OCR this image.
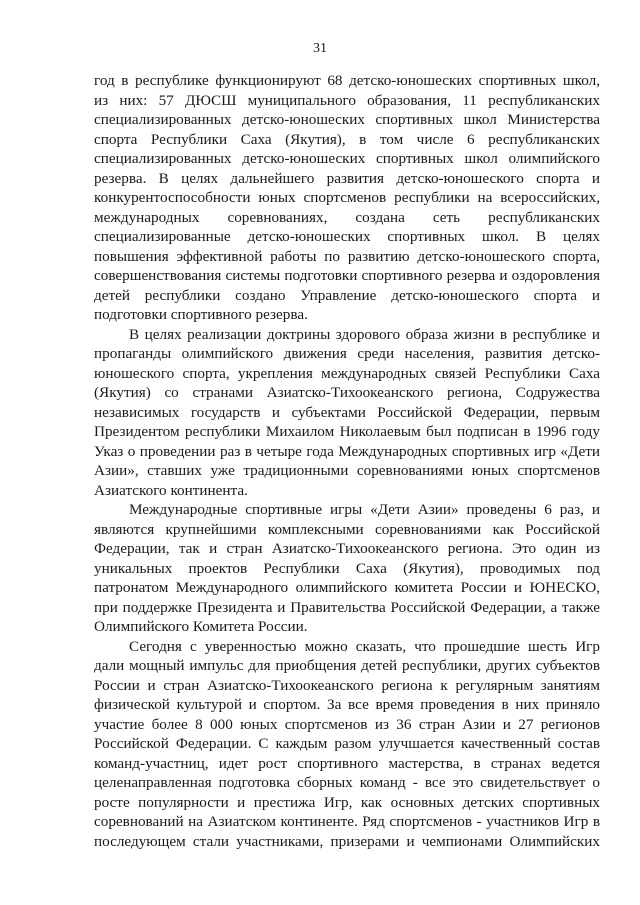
31
год в республике функционируют 68 детско-юношеских спортивных школ,
из них: 57 ДЮСШ муниципального образования, 11 республиканских
специализированных детско-юношеских спортивных школ Министерства
спорта Республики Саха (Якутия), в том числе 6 республиканских
специализированных детско-юношеских спортивных школ олимпийского
резерва. В целях дальнейшего развития детско-юношеского спорта и
конкурентоспособности юных спортсменов республики на всероссийских,
международных соревнованиях, создана сеть республиканских
специализированные детско-юношеских спортивных школ. В целях
повышения эффективной работы по развитию детско-юношеского спорта,
совершенствования системы подготовки спортивного резерва и оздоровления
детей республики создано Управление детско-юношеского спорта и
подготовки спортивного резерва.
В целях реализации доктрины здорового образа жизни в республике и
пропаганды олимпийского движения среди населения, развития детско-
юношеского спорта, укрепления международных связей Республики Саха
(Якутия) со странами Азиатско-Тихоокеанского региона, Содружества
независимых государств и субъектами Российской Федерации, первым
Президентом республики Михаилом Николаевым был подписан в 1996 году
Указ о проведении раз в четыре года Международных спортивных игр «Дети
Азии», ставших уже традиционными соревнованиями юных спортсменов
Азиатского континента.
Международные спортивные игры «Дети Азии» проведены 6 раз, и
являются крупнейшими комплексными соревнованиями как Российской
Федерации, так и стран Азиатско-Тихоокеанского региона. Это один из
уникальных проектов Республики Саха (Якутия), проводимых под
патронатом Международного олимпийского комитета России и ЮНЕСКО,
при поддержке Президента и Правительства Российской Федерации, а также
Олимпийского Комитета России.
Сегодня с уверенностью можно сказать, что прошедшие шесть Игр
дали мощный импульс для приобщения детей республики, других субъектов
России и стран Азиатско-Тихоокеанского региона к регулярным занятиям
физической культурой и спортом. За все время проведения в них приняло
участие более 8 000 юных спортсменов из 36 стран Азии и 27 регионов
Российской Федерации. С каждым разом улучшается качественный состав
команд-участниц, идет рост спортивного мастерства, в странах ведется
целенаправленная подготовка сборных команд - все это свидетельствует о
росте популярности и престижа Игр, как основных детских спортивных
соревнований на Азиатском континенте. Ряд спортсменов - участников Игр в
последующем стали участниками, призерами и чемпионами Олимпийских
